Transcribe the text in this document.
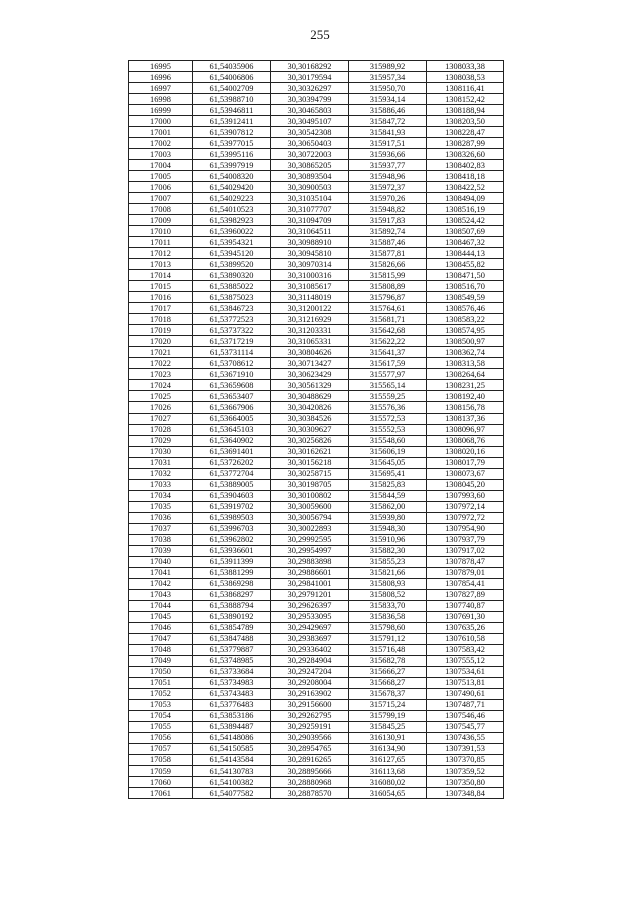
255
16995	61,54035906	30,30168292	315989,92	1308033,38
16996	61,54006806	30,30179594	315957,34	1308038,53
16997	61,54002709	30,30326297	315950,70	1308116,41
16998	61,53988710	30,30394799	315934,14	1308152,42
16999	61,53946811	30,30465803	315886,46	1308188,94
17000	61,53912411	30,30495107	315847,72	1308203,50
17001	61,53907812	30,30542308	315841,93	1308228,47
17002	61,53977015	30,30650403	315917,51	1308287,99
17003	61,53995116	30,30722003	315936,66	1308326,60
17004	61,53997919	30,30865205	315937,77	1308402,83
17005	61,54008320	30,30893504	315948,96	1308418,18
17006	61,54029420	30,30900503	315972,37	1308422,52
17007	61,54029223	30,31035104	315970,26	1308494,09
17008	61,54010523	30,31077707	315948,82	1308516,19
17009	61,53982923	30,31094709	315917,83	1308524,42
17010	61,53960022	30,31064511	315892,74	1308507,69
17011	61,53954321	30,30988910	315887,46	1308467,32
17012	61,53945120	30,30945810	315877,81	1308444,13
17013	61,53899520	30,30970314	315826,66	1308455,82
17014	61,53890320	30,31000316	315815,99	1308471,50
17015	61,53885022	30,31085617	315808,89	1308516,70
17016	61,53875023	30,31148019	315796,87	1308549,59
17017	61,53846723	30,31200122	315764,61	1308576,46
17018	61,53772523	30,31216929	315681,71	1308583,22
17019	61,53737322	30,31203331	315642,68	1308574,95
17020	61,53717219	30,31065331	315622,22	1308500,97
17021	61,53731114	30,30804626	315641,37	1308362,74
17022	61,53708612	30,30713427	315617,59	1308313,58
17023	61,53671910	30,30623429	315577,97	1308264,64
17024	61,53659608	30,30561329	315565,14	1308231,25
17025	61,53653407	30,30488629	315559,25	1308192,40
17026	61,53667906	30,30420826	315576,36	1308156,78
17027	61,53664005	30,30384526	315572,53	1308137,36
17028	61,53645103	30,30309627	315552,53	1308096,97
17029	61,53640902	30,30256826	315548,60	1308068,76
17030	61,53691401	30,30162621	315606,19	1308020,16
17031	61,53726202	30,30156218	315645,05	1308017,79
17032	61,53772704	30,30258715	315695,41	1308073,67
17033	61,53889005	30,30198705	315825,83	1308045,20
17034	61,53904603	30,30100802	315844,59	1307993,60
17035	61,53919702	30,30059600	315862,00	1307972,14
17036	61,53989503	30,30056794	315939,80	1307972,72
17037	61,53996703	30,30022893	315948,30	1307954,90
17038	61,53962802	30,29992595	315910,96	1307937,79
17039	61,53936601	30,29954997	315882,30	1307917,02
17040	61,53911399	30,29883898	315855,23	1307878,47
17041	61,53881299	30,29886601	315821,66	1307879,01
17042	61,53869298	30,29841001	315808,93	1307854,41
17043	61,53868297	30,29791201	315808,52	1307827,89
17044	61,53888794	30,29626397	315833,70	1307740,87
17045	61,53890192	30,29533095	315836,58	1307691,30
17046	61,53854789	30,29429697	315798,60	1307635,26
17047	61,53847488	30,29383697	315791,12	1307610,58
17048	61,53779887	30,29336402	315716,48	1307583,42
17049	61,53748985	30,29284904	315682,78	1307555,12
17050	61,53733684	30,29247204	315666,27	1307534,61
17051	61,53734983	30,29208004	315668,27	1307513,81
17052	61,53743483	30,29163902	315678,37	1307490,61
17053	61,53776483	30,29156600	315715,24	1307487,71
17054	61,53853186	30,29262795	315799,19	1307546,46
17055	61,53894487	30,29259191	315845,25	1307545,77
17056	61,54148086	30,29039566	316130,91	1307436,55
17057	61,54150585	30,28954765	316134,90	1307391,53
17058	61,54143584	30,28916265	316127,65	1307370,85
17059	61,54130783	30,28895666	316113,68	1307359,52
17060	61,54100382	30,28880968	316080,02	1307350,80
17061	61,54077582	30,28878570	316054,65	1307348,84
